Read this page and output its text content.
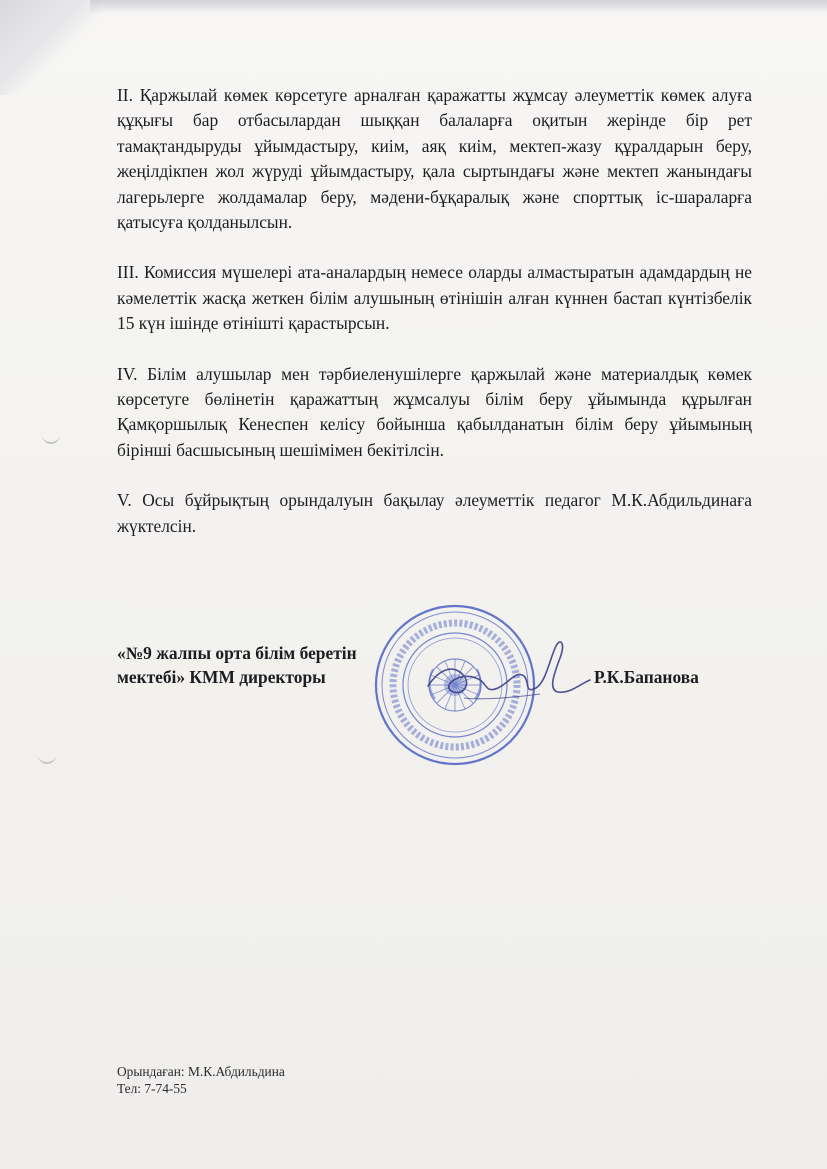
II. Қаржылай көмек көрсетуге арналған қаражатты жұмсау әлеуметтік көмек алуға құқығы бар отбасылардан шыққан балаларға оқитын жерінде бір рет тамақтандыруды ұйымдастыру, киім, аяқ киім, мектеп-жазу құралдарын беру, жеңілдікпен жол жүруді ұйымдастыру, қала сыртындағы және мектеп жанындағы лагерьлерге жолдамалар беру, мәдени-бұқаралық және спорттық іс-шараларға қатысуға қолданылсын.

III. Комиссия мүшелері ата-аналардың немесе оларды алмастыратын адамдардың не кәмелеттік жасқа жеткен білім алушының өтінішін алған күннен бастап күнтізбелік 15 күн ішінде өтінішті қарастырсын.

IV. Білім алушылар мен тәрбиеленушілерге қаржылай және материалдық көмек көрсетуге бөлінетін қаражаттың жұмсалуы білім беру ұйымында құрылған Қамқоршылық Кенеспен келісу бойынша қабылданатын білім беру ұйымының бірінші басшысының шешімімен бекітілсін.

V. Осы бұйрықтың орындалуын бақылау әлеуметтік педагог М.К.Абдильдинаға жүктелсін.

«№9 жалпы орта білім беретін
мектебі» КММ директоры	Р.К.Бапанова
Орындаған: М.К.Абдильдина
Тел: 7-74-55
